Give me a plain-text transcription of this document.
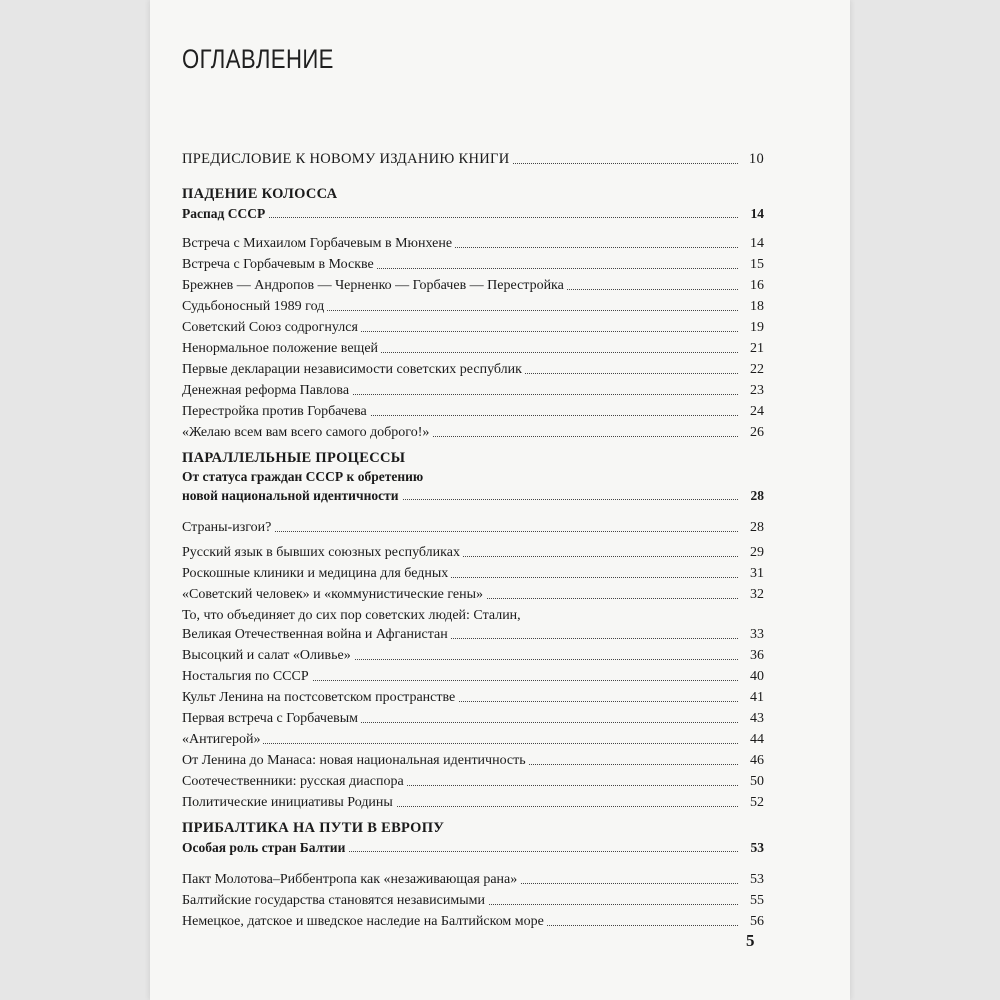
ОГЛАВЛЕНИЕ
ПРЕДИСЛОВИЕ К НОВОМУ ИЗДАНИЮ КНИГИ	10
ПАДЕНИЕ КОЛОССА
Распад СССР	14
Встреча с Михаилом Горбачевым в Мюнхене	14
Встреча с Горбачевым в Москве	15
Брежнев — Андропов — Черненко — Горбачев — Перестройка	16
Судьбоносный 1989 год	18
Советский Союз содрогнулся	19
Ненормальное положение вещей	21
Первые декларации независимости советских республик	22
Денежная реформа Павлова	23
Перестройка против Горбачева	24
«Желаю всем вам всего самого доброго!»	26
ПАРАЛЛЕЛЬНЫЕ ПРОЦЕССЫ
От статуса граждан СССР к обретению
новой национальной идентичности	28
Страны-изгои?	28
Русский язык в бывших союзных республиках	29
Роскошные клиники и медицина для бедных	31
«Советский человек» и «коммунистические гены»	32
То, что объединяет до сих пор советских людей: Сталин,
Великая Отечественная война и Афганистан	33
Высоцкий и салат «Оливье»	36
Ностальгия по СССР	40
Культ Ленина на постсоветском пространстве	41
Первая встреча с Горбачевым	43
«Антигерой»	44
От Ленина до Манаса: новая национальная идентичность	46
Соотечественники: русская диаспора	50
Политические инициативы Родины	52
ПРИБАЛТИКА НА ПУТИ В ЕВРОПУ
Особая роль стран Балтии	53
Пакт Молотова–Риббентропа как «незаживающая рана»	53
Балтийские государства становятся независимыми	55
Немецкое, датское и шведское наследие на Балтийском море	56
5
